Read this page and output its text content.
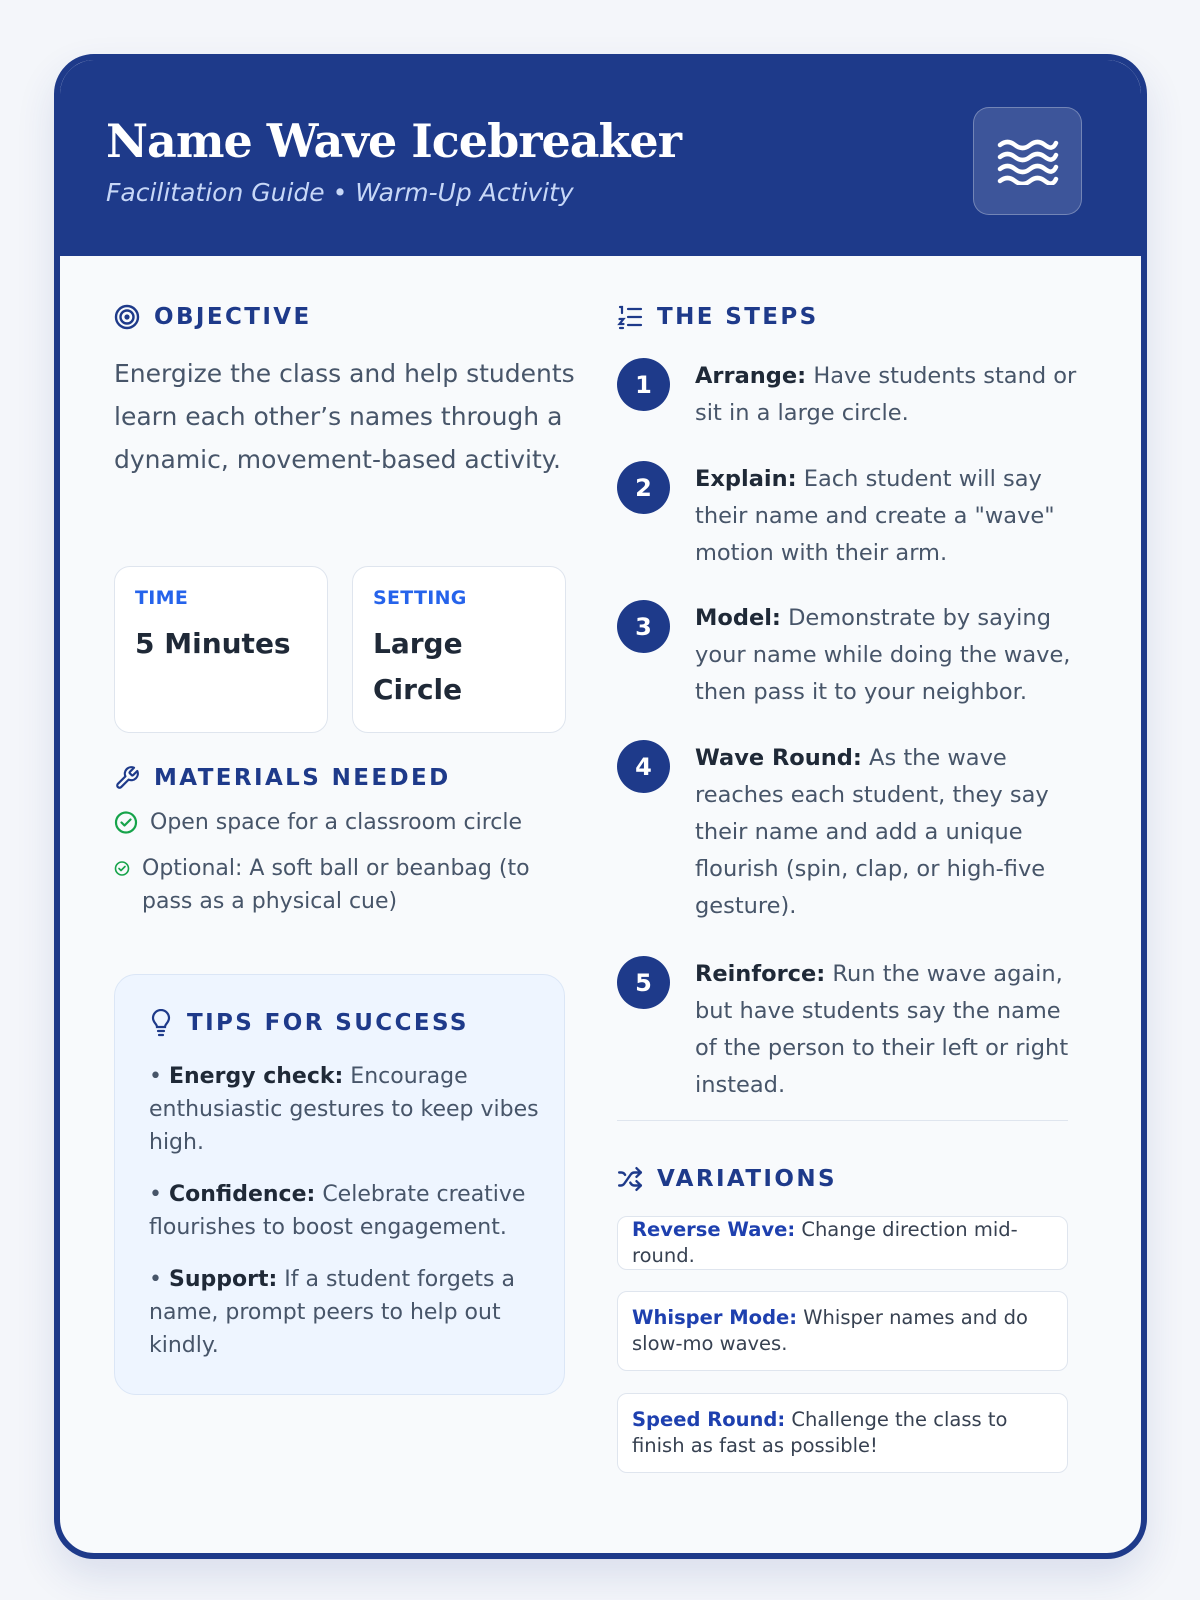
Name Wave Icebreaker
Facilitation Guide • Warm-Up Activity
OBJECTIVE
Energize the class and help students learn each other’s names through a dynamic, movement-based activity.
TIME
5 Minutes
SETTING
Large Circle
MATERIALS NEEDED
Open space for a classroom circle
Optional: A soft ball or beanbag (to pass as a physical cue)
TIPS FOR SUCCESS
• Energy check: Encourage enthusiastic gestures to keep vibes high.
• Confidence: Celebrate creative flourishes to boost engagement.
• Support: If a student forgets a name, prompt peers to help out kindly.
THE STEPS
1	Arrange: Have students stand or sit in a large circle.
2	Explain: Each student will say their name and create a "wave" motion with their arm.
3	Model: Demonstrate by saying your name while doing the wave, then pass it to your neighbor.
4	Wave Round: As the wave reaches each student, they say their name and add a unique flourish (spin, clap, or high-five gesture).
5	Reinforce: Run the wave again, but have students say the name of the person to their left or right instead.
VARIATIONS
Reverse Wave: Change direction mid-round.
Whisper Mode: Whisper names and do slow-mo waves.
Speed Round: Challenge the class to finish as fast as possible!
